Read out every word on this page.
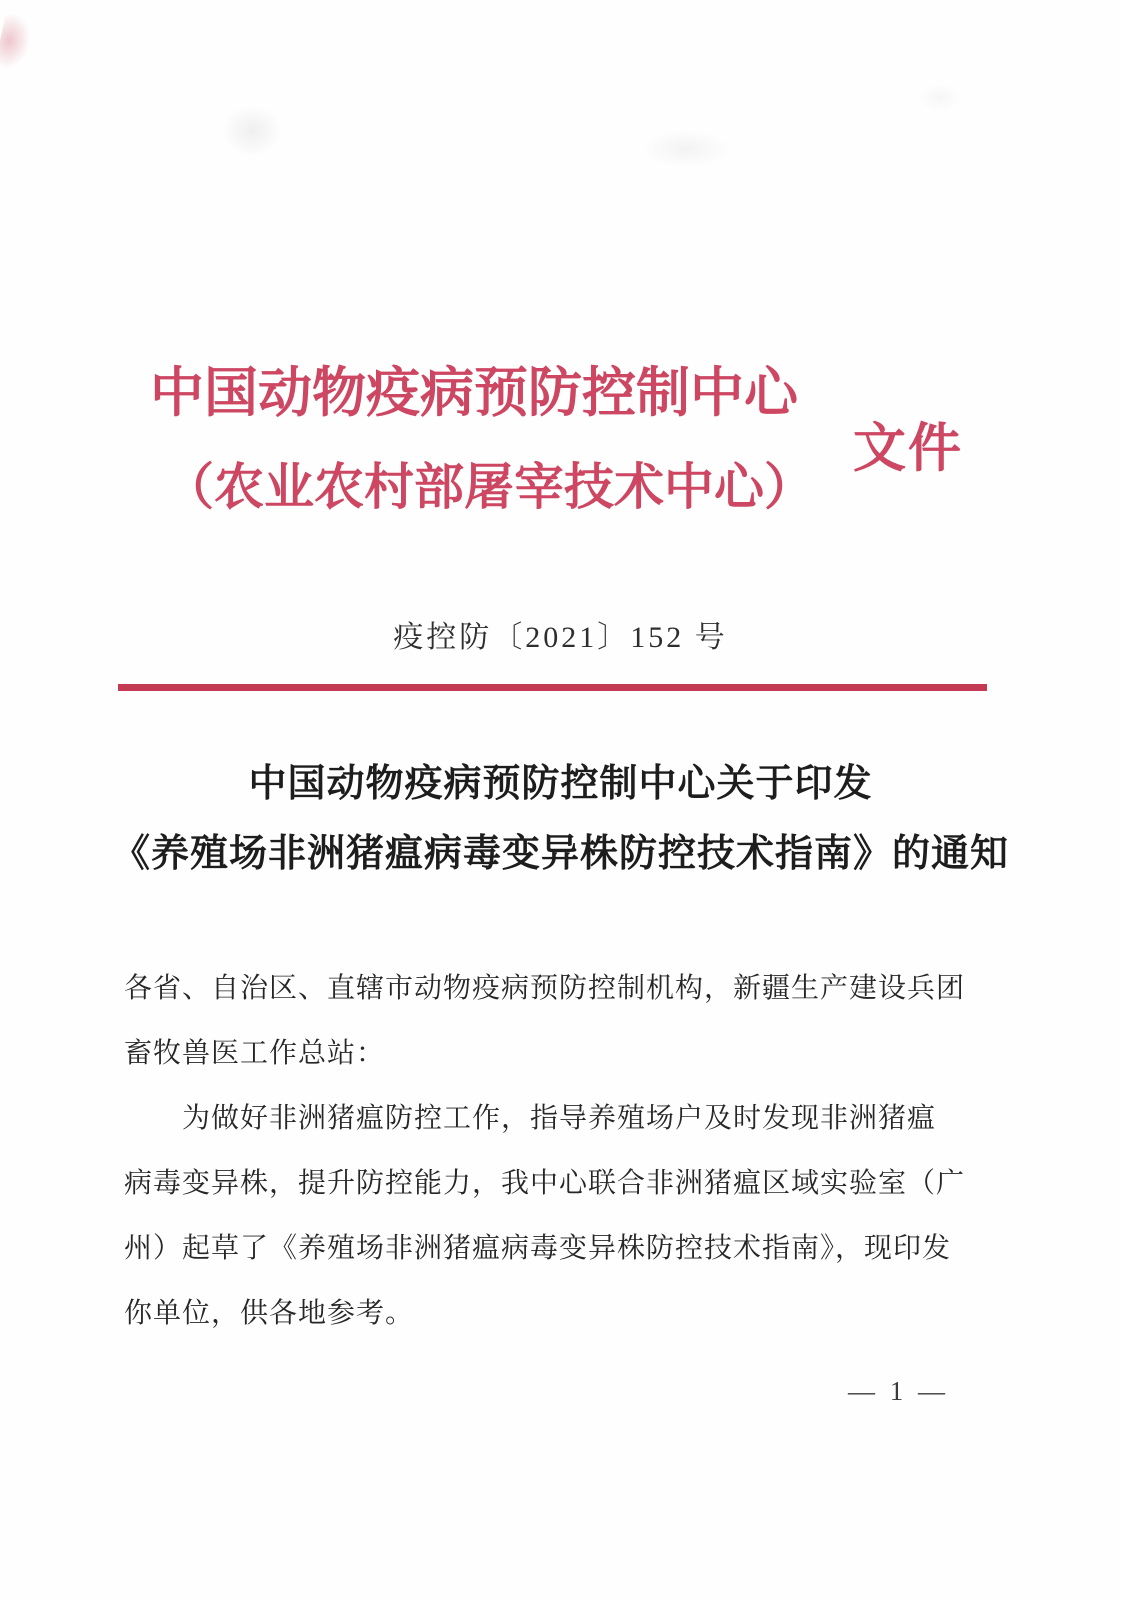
中国动物疫病预防控制中心
（农业农村部屠宰技术中心）
文件
疫控防〔2021〕152 号
中国动物疫病预防控制中心关于印发
《养殖场非洲猪瘟病毒变异株防控技术指南》的通知
各省、自治区、直辖市动物疫病预防控制机构，新疆生产建设兵团
畜牧兽医工作总站：
为做好非洲猪瘟防控工作，指导养殖场户及时发现非洲猪瘟
病毒变异株，提升防控能力，我中心联合非洲猪瘟区域实验室（广
州）起草了《养殖场非洲猪瘟病毒变异株防控技术指南》，现印发
你单位，供各地参考。
— 1 —
